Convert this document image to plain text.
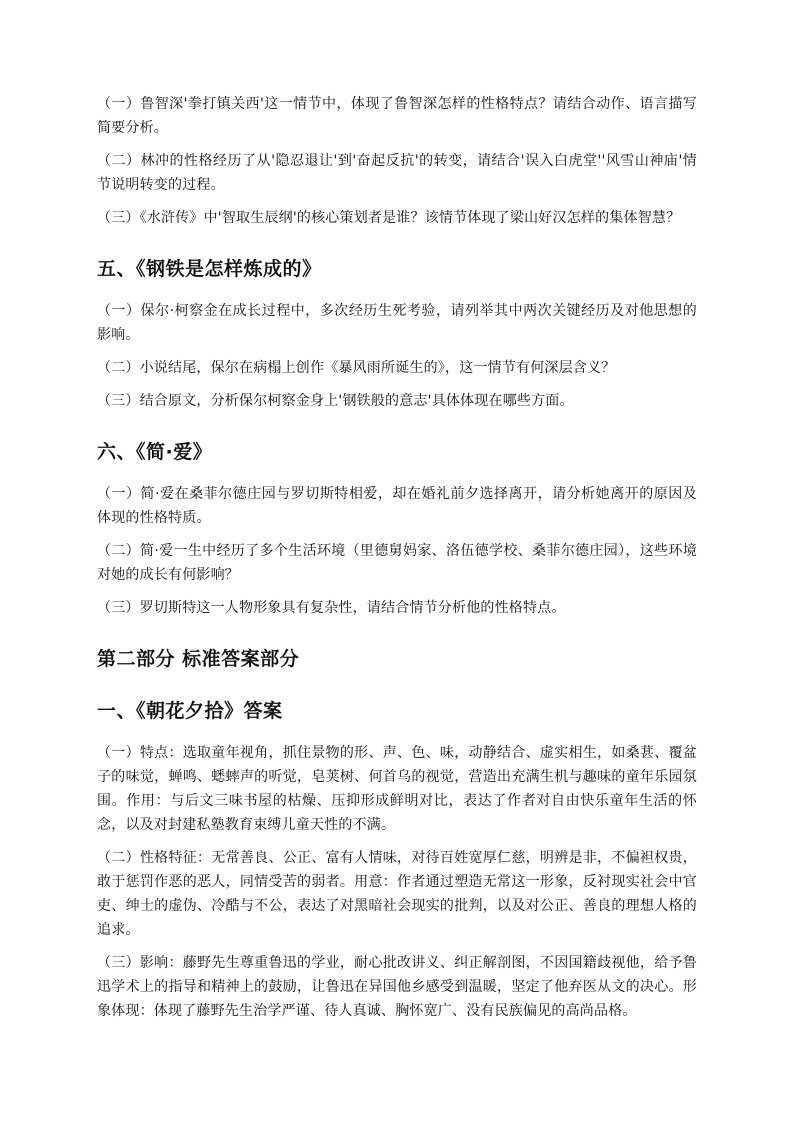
（一）鲁智深'拳打镇关西'这一情节中，体现了鲁智深怎样的性格特点？请结合动作、语言描写简要分析。

（二）林冲的性格经历了从'隐忍退让'到'奋起反抗'的转变，请结合'误入白虎堂''风雪山神庙'情节说明转变的过程。

（三）《水浒传》中'智取生辰纲'的核心策划者是谁？该情节体现了梁山好汉怎样的集体智慧？

五、《钢铁是怎样炼成的》

（一）保尔·柯察金在成长过程中，多次经历生死考验，请列举其中两次关键经历及对他思想的影响。

（二）小说结尾，保尔在病榻上创作《暴风雨所诞生的》，这一情节有何深层含义？

（三）结合原文，分析保尔柯察金身上'钢铁般的意志'具体体现在哪些方面。

六、《简·爱》

（一）简·爱在桑菲尔德庄园与罗切斯特相爱，却在婚礼前夕选择离开，请分析她离开的原因及体现的性格特质。

（二）简·爱一生中经历了多个生活环境（里德舅妈家、洛伍德学校、桑菲尔德庄园），这些环境对她的成长有何影响？

（三）罗切斯特这一人物形象具有复杂性，请结合情节分析他的性格特点。

第二部分 标准答案部分
一、《朝花夕拾》答案

（一）特点：选取童年视角，抓住景物的形、声、色、味，动静结合、虚实相生，如桑葚、覆盆子的味觉，蝉鸣、蟋蟀声的听觉，皂荚树、何首乌的视觉，营造出充满生机与趣味的童年乐园氛围。作用：与后文三味书屋的枯燥、压抑形成鲜明对比，表达了作者对自由快乐童年生活的怀念，以及对封建私塾教育束缚儿童天性的不满。

（二）性格特征：无常善良、公正、富有人情味，对待百姓宽厚仁慈，明辨是非，不偏袒权贵，敢于惩罚作恶的恶人，同情受苦的弱者。用意：作者通过塑造无常这一形象，反衬现实社会中官吏、绅士的虚伪、冷酷与不公，表达了对黑暗社会现实的批判，以及对公正、善良的理想人格的追求。

（三）影响：藤野先生尊重鲁迅的学业，耐心批改讲义、纠正解剖图，不因国籍歧视他，给予鲁迅学术上的指导和精神上的鼓励，让鲁迅在异国他乡感受到温暖，坚定了他弃医从文的决心。形象体现：体现了藤野先生治学严谨、待人真诚、胸怀宽广、没有民族偏见的高尚品格。
